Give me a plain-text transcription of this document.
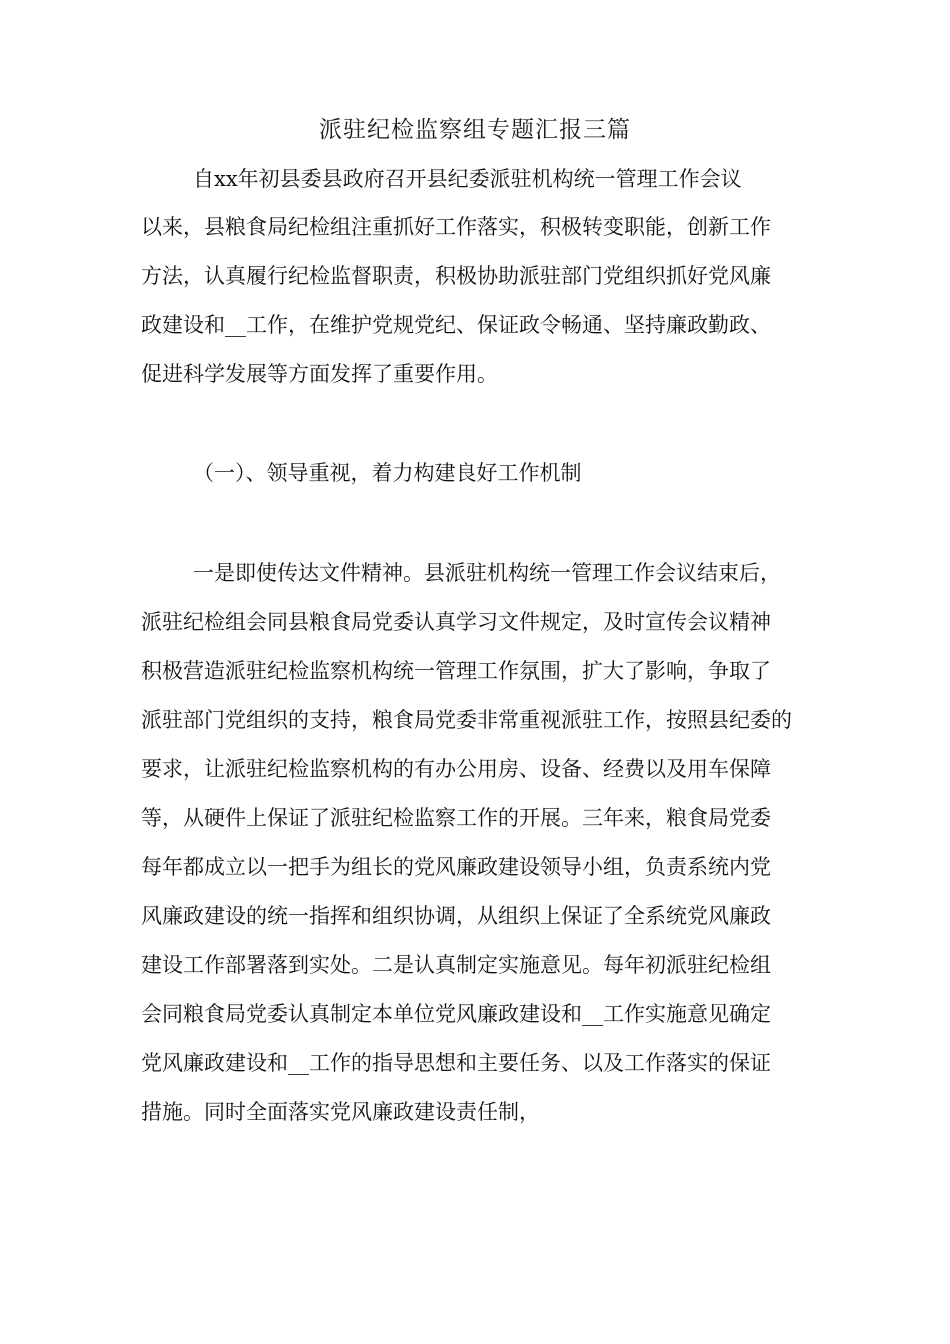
派驻纪检监察组专题汇报三篇
自xx年初县委县政府召开县纪委派驻机构统一管理工作会议
以来，县粮食局纪检组注重抓好工作落实，积极转变职能，创新工作
方法，认真履行纪检监督职责，积极协助派驻部门党组织抓好党风廉
政建设和__工作，在维护党规党纪、保证政令畅通、坚持廉政勤政、
促进科学发展等方面发挥了重要作用。
（一）、领导重视，着力构建良好工作机制
一是即使传达文件精神。县派驻机构统一管理工作会议结束后，
派驻纪检组会同县粮食局党委认真学习文件规定，及时宣传会议精神
积极营造派驻纪检监察机构统一管理工作氛围，扩大了影响，争取了
派驻部门党组织的支持，粮食局党委非常重视派驻工作，按照县纪委的
要求，让派驻纪检监察机构的有办公用房、设备、经费以及用车保障
等，从硬件上保证了派驻纪检监察工作的开展。三年来，粮食局党委
每年都成立以一把手为组长的党风廉政建设领导小组，负责系统内党
风廉政建设的统一指挥和组织协调，从组织上保证了全系统党风廉政
建设工作部署落到实处。二是认真制定实施意见。每年初派驻纪检组
会同粮食局党委认真制定本单位党风廉政建设和__工作实施意见确定
党风廉政建设和__工作的指导思想和主要任务、以及工作落实的保证
措施。同时全面落实党风廉政建设责任制，
